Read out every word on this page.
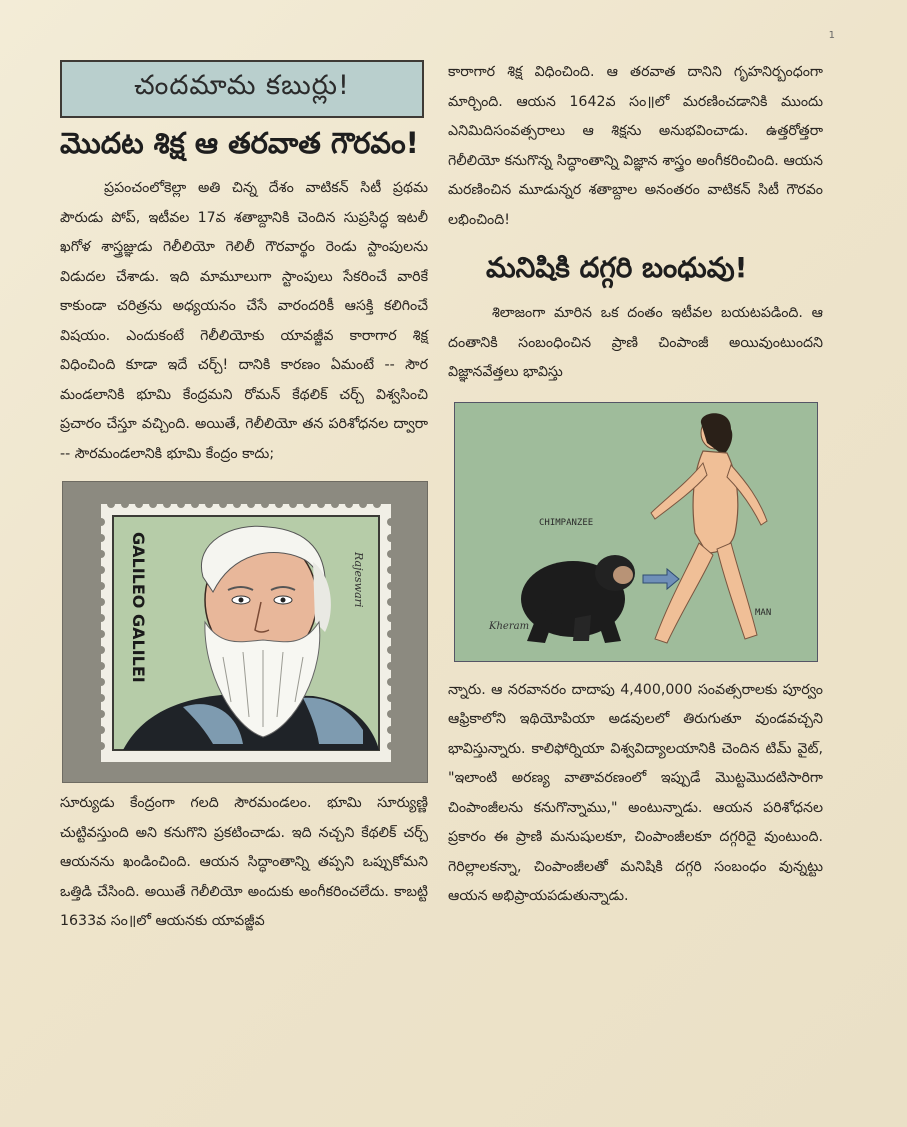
1
చందమామ కబుర్లు!
మొదట శిక్ష ఆ తరవాత గౌరవం!

ప్రపంచంలోకెల్లా అతి చిన్న దేశం వాటికన్ సిటీ ప్రథమ పౌరుడు పోప్, ఇటీవల 17వ శతాబ్దానికి చెందిన సుప్రసిద్ధ ఇటలీ ఖగోళ శాస్త్రజ్ఞుడు గెలీలియో గెలిలీ గౌరవార్థం రెండు స్టాంపులను విడుదల చేశాడు. ఇది మామూలుగా స్టాంపులు సేకరించే వారికే కాకుండా చరిత్రను అధ్యయనం చేసే వారందరికీ ఆసక్తి కలిగించే విషయం. ఎందుకంటే గెలీలియోకు యావజ్జీవ కారాగార శిక్ష విధించింది కూడా ఇదే చర్చ్! దానికి కారణం ఏమంటే -- సౌర మండలానికి భూమి కేంద్రమని రోమన్ కేథలిక్ చర్చ్ విశ్వసించి ప్రచారం చేస్తూ వచ్చింది. అయితే, గెలీలియో తన పరిశోధనల ద్వారా -- సౌరమండలానికి భూమి కేంద్రం కాదు;

GALILEO GALILEI	Rajeswari

సూర్యుడు కేంద్రంగా గలది సౌరమండలం. భూమి సూర్యుణ్ణి చుట్టివస్తుంది అని కనుగొని ప్రకటించాడు. ఇది నచ్చని కేథలిక్ చర్చ్ ఆయనను ఖండించింది. ఆయన సిద్ధాంతాన్ని తప్పని ఒప్పుకోమని ఒత్తిడి చేసింది. అయితే గెలీలియో అందుకు అంగీకరించలేదు. కాబట్టి 1633వ సం॥లో ఆయనకు యావజ్జీవ

కారాగార శిక్ష విధించింది. ఆ తరవాత దానిని గృహనిర్బంధంగా మార్చింది. ఆయన 1642వ సం॥లో మరణించడానికి ముందు ఎనిమిదిసంవత్సరాలు ఆ శిక్షను అనుభవించాడు. ఉత్తరోత్తరా గెలీలియో కనుగొన్న సిద్ధాంతాన్ని విజ్ఞాన శాస్త్రం అంగీకరించింది. ఆయన మరణించిన మూడున్నర శతాబ్దాల అనంతరం వాటికన్ సిటీ గౌరవం లభించింది!

మనిషికి దగ్గరి బంధువు!

శిలాజంగా మారిన ఒక దంతం ఇటీవల బయటపడింది. ఆ దంతానికి సంబంధించిన ప్రాణి చింపాంజీ అయివుంటుందని విజ్ఞానవేత్తలు భావిస్తు

CHIMPANZEE
MAN
Kheram

న్నారు. ఆ నరవానరం దాదాపు 4,400,000 సంవత్సరాలకు పూర్వం ఆఫ్రికాలోని ఇథియోపియా అడవులలో తిరుగుతూ వుండవచ్చని భావిస్తున్నారు. కాలిఫోర్నియా విశ్వవిద్యాలయానికి చెందిన టిమ్ వైట్, "ఇలాంటి అరణ్య వాతావరణంలో ఇప్పుడే మొట్టమొదటిసారిగా చింపాంజీలను కనుగొన్నాము," అంటున్నాడు. ఆయన పరిశోధనల ప్రకారం ఈ ప్రాణి మనుషులకూ, చింపాంజీలకూ దగ్గరిదై వుంటుంది. గెరిల్లాలకన్నా, చింపాంజీలతో మనిషికి దగ్గరి సంబంధం వున్నట్టు ఆయన అభిప్రాయపడుతున్నాడు.
